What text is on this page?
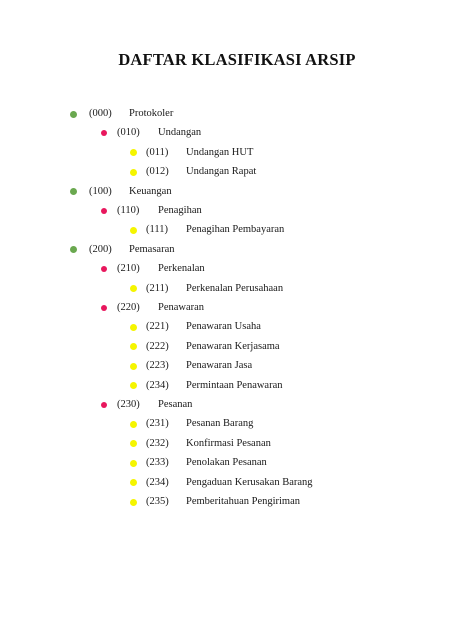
DAFTAR KLASIFIKASI ARSIP
(000)	Protokoler
(010)	Undangan
(011)	Undangan HUT
(012)	Undangan Rapat
(100)	Keuangan
(110)	Penagihan
(111)	Penagihan Pembayaran
(200)	Pemasaran
(210)	Perkenalan
(211)	Perkenalan Perusahaan
(220)	Penawaran
(221)	Penawaran Usaha
(222)	Penawaran Kerjasama
(223)	Penawaran Jasa
(234)	Permintaan Penawaran
(230)	Pesanan
(231)	Pesanan Barang
(232)	Konfirmasi Pesanan
(233)	Penolakan Pesanan
(234)	Pengaduan Kerusakan Barang
(235)	Pemberitahuan Pengiriman
